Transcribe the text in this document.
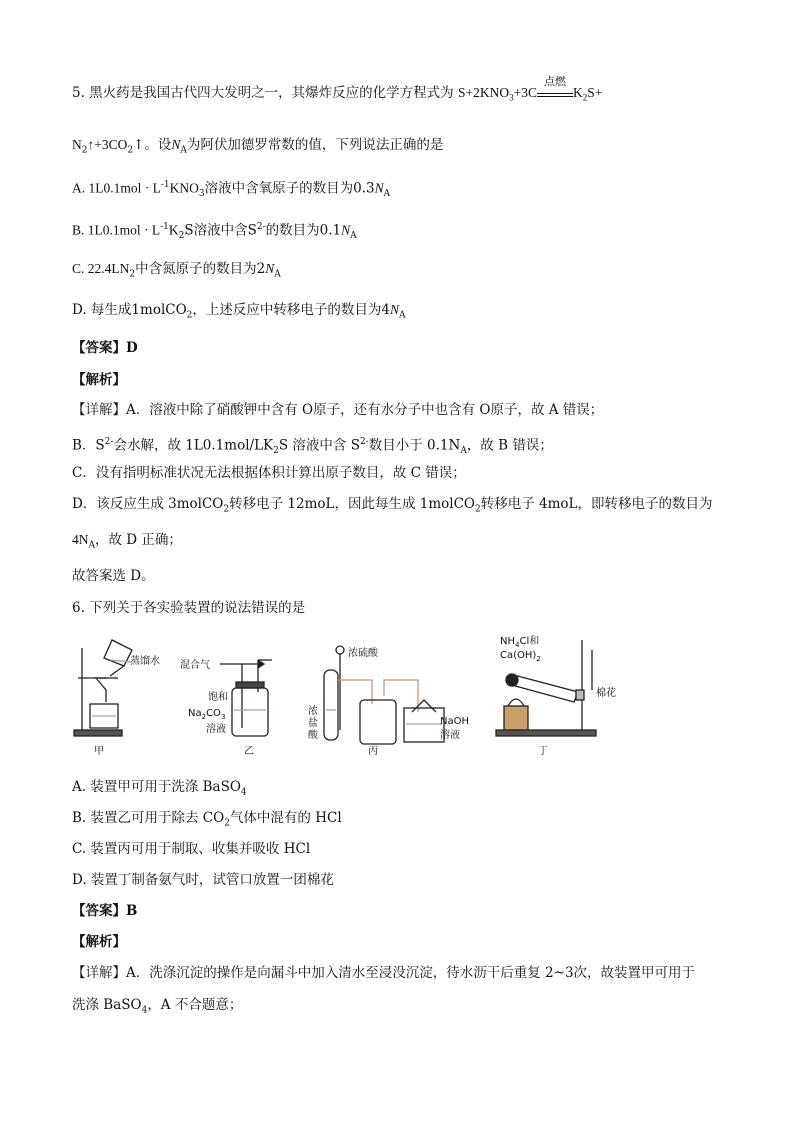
5. 黑火药是我国古代四大发明之一，其爆炸反应的化学方程式为 $S+2KNO_3+3C$
点燃
$K_2S+$
$N_2↑+3CO_2↑$。设$N_A$为阿伏加德罗常数的值，下列说法正确的是
A. $1L0.1mol \cdot L^{-1}KNO_3$溶液中含氧原子的数目为$0.3N_A$
B. $1L0.1mol \cdot L^{-1}K_2S$溶液中含$S^{2-}$的数目为$0.1N_A$
C. $22.4LN_2$中含氮原子的数目为$2N_A$
D. 每生成1molCO$_2$，上述反应中转移电子的数目为$4N_A$
【答案】D
【解析】
【详解】A．溶液中除了硝酸钾中含有 O原子，还有水分子中也含有 O原子，故 A 错误；
B．$S^{2-}$会水解，故 $1L0.1mol/LK_2S$ 溶液中含 $S^{2-}$数目小于 $0.1N_A$，故 B 错误；
C．没有指明标准状况无法根据体积计算出原子数目，故 C 错误；
D．该反应生成 3molCO$_2$转移电子 12moL，因此每生成 1molCO$_2$转移电子 4moL，即转移电子的数目为
$4N_A$，故 D 正确；
故答案选 D。
6. 下列关于各实验装置的说法错误的是
蒸馏水
甲
混合气
饱和
$Na_2CO_3$
溶液
乙
浓硫酸
浓
盐
酸
NaOH
溶液
丙
$NH_4Cl$和
$Ca(OH)_2$
棉花
丁
A. 装置甲可用于洗涤 BaSO$_4$
B. 装置乙可用于除去 $CO_2$气体中混有的 HCl
C. 装置丙可用于制取、收集并吸收 HCl
D. 装置丁制备氨气时，试管口放置一团棉花
【答案】B
【解析】
【详解】A．洗涤沉淀的操作是向漏斗中加入清水至浸没沉淀，待水沥干后重复 2~3次，故装置甲可用于
洗涤 BaSO$_4$，A 不合题意；
